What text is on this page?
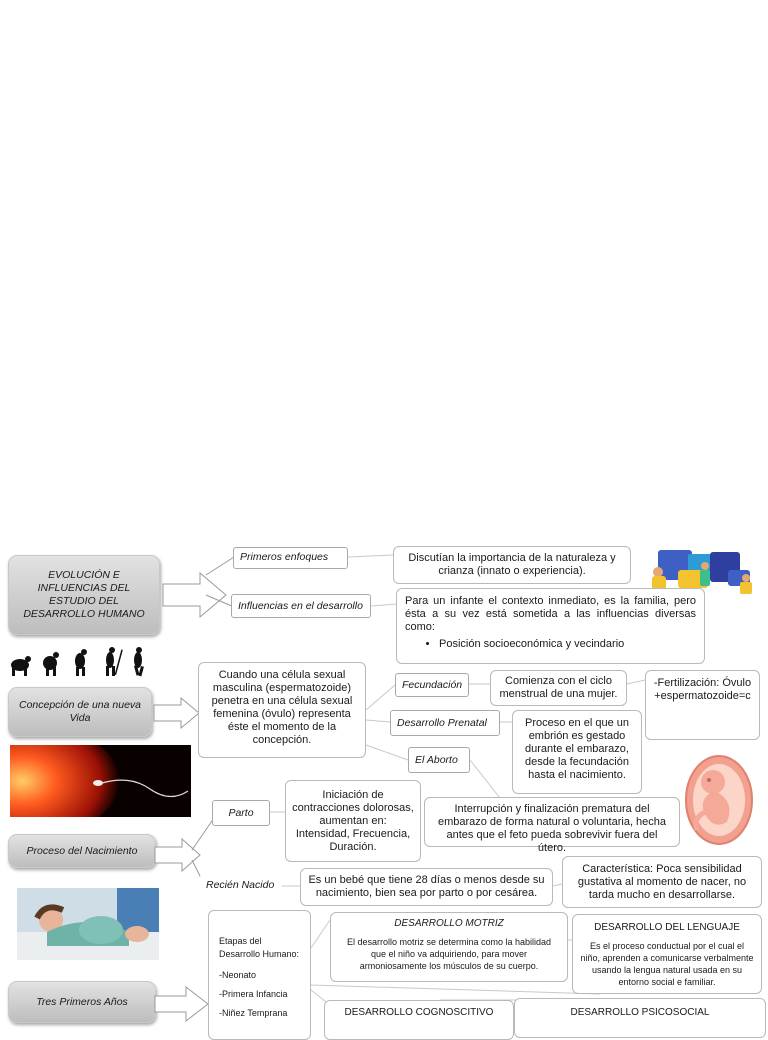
EVOLUCIÓN E INFLUENCIAS DEL ESTUDIO DEL DESARROLLO HUMANO
Primeros enfoques	Discutían la importancia de la naturaleza y crianza (innato o experiencia).
Influencias en el desarrollo	Para un infante el contexto inmediato, es la familia, pero ésta a su vez está sometida a las influencias diversas como:
• Posición socioeconómica y vecindario
Concepción de una nueva Vida
Cuando una célula sexual masculina (espermatozoide) penetra en una célula sexual femenina (óvulo) representa éste el momento de la concepción.
Fecundación	Comienza con el ciclo menstrual de una mujer.
-Fertilización: Óvulo +espermatozoide=c
Desarrollo Prenatal	Proceso en el que un embrión es gestado durante el embarazo, desde la fecundación hasta el nacimiento.
El Aborto
Interrupción y finalización prematura del embarazo de forma natural o voluntaria, hecha antes que el feto pueda sobrevivir fuera del útero.
Proceso del Nacimiento
Parto
Iniciación de contracciones dolorosas, aumentan en: Intensidad, Frecuencia, Duración.
Recién Nacido	Es un bebé que tiene 28 días o menos desde su nacimiento, bien sea por parto o por cesárea.
Característica: Poca sensibilidad gustativa al momento de nacer, no tarda mucho en desarrollarse.
Tres Primeros Años
Etapas del Desarrollo Humano:
-Neonato
-Primera Infancia
-Niñez Temprana
DESARROLLO MOTRIZ
El desarrollo motriz se determina como la habilidad que el niño va adquiriendo, para mover armoniosamente los músculos de su cuerpo.
DESARROLLO DEL LENGUAJE
Es el proceso conductual por el cual el niño, aprenden a comunicarse verbalmente usando la lengua natural usada en su entorno social e familiar.
DESARROLLO COGNOSCITIVO	DESARROLLO PSICOSOCIAL
